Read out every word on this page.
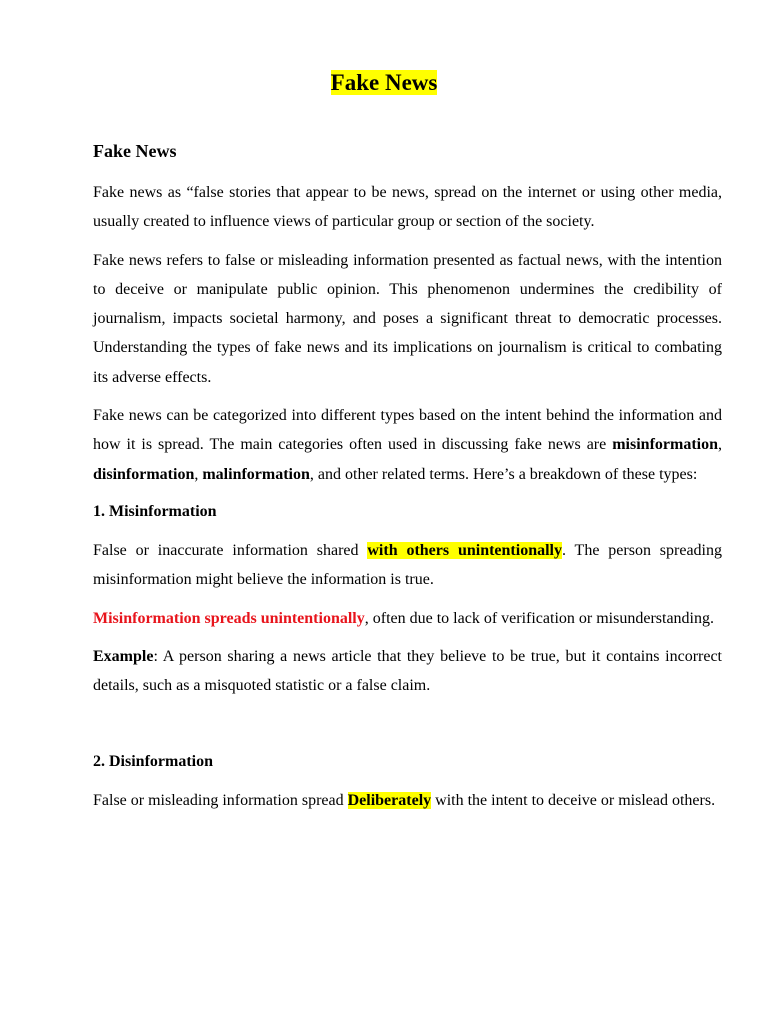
Fake News
Fake News

Fake news as “false stories that appear to be news, spread on the internet or using other media, usually created to influence views of particular group or section of the society.

Fake news refers to false or misleading information presented as factual news, with the intention to deceive or manipulate public opinion. This phenomenon undermines the credibility of journalism, impacts societal harmony, and poses a significant threat to democratic processes. Understanding the types of fake news and its implications on journalism is critical to combating its adverse effects.

Fake news can be categorized into different types based on the intent behind the information and how it is spread. The main categories often used in discussing fake news are misinformation, disinformation, malinformation, and other related terms. Here’s a breakdown of these types:

1. Misinformation

False or inaccurate information shared with others unintentionally. The person spreading misinformation might believe the information is true.

Misinformation spreads unintentionally, often due to lack of verification or misunderstanding.

Example: A person sharing a news article that they believe to be true, but it contains incorrect details, such as a misquoted statistic or a false claim.

2. Disinformation

False or misleading information spread Deliberately with the intent to deceive or mislead others.
